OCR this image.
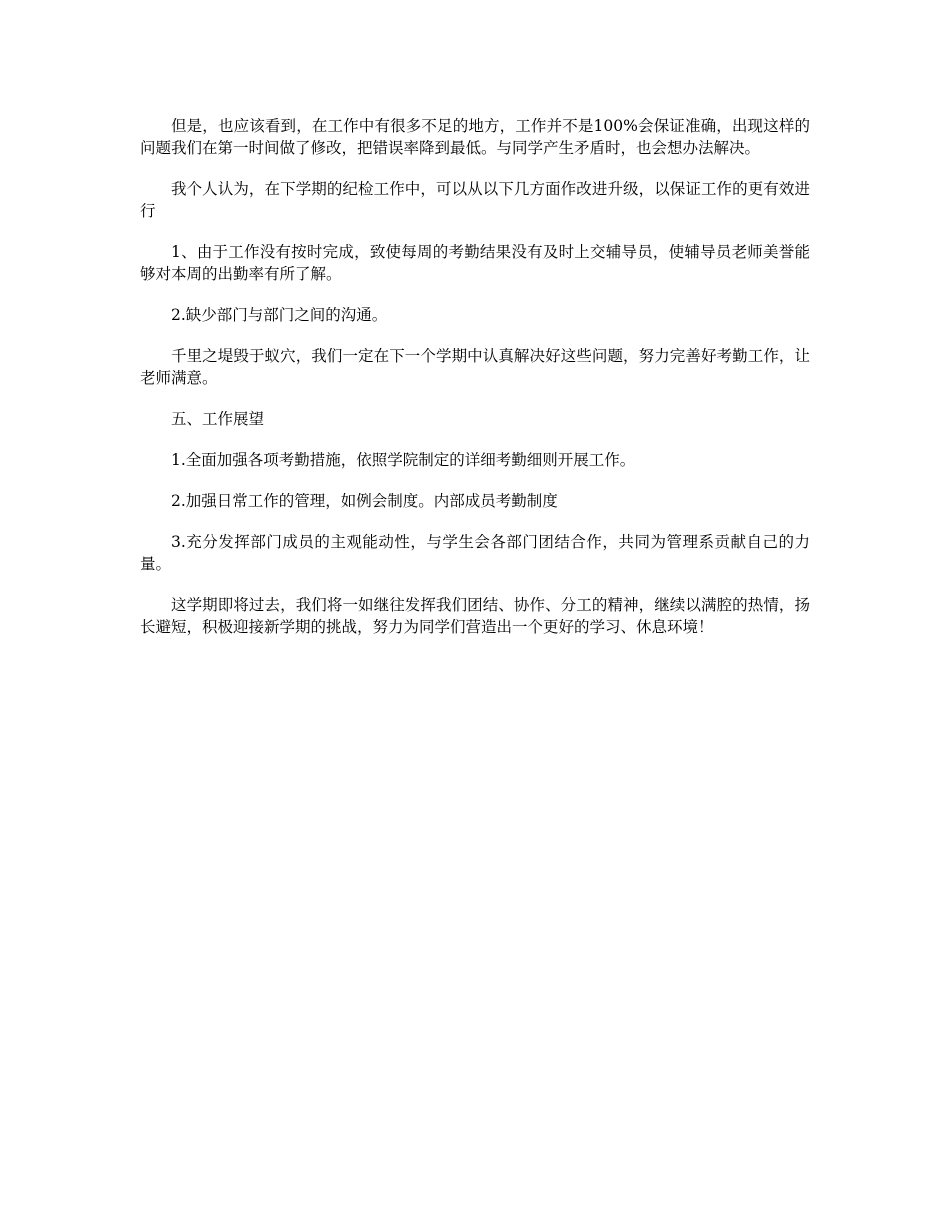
但是，也应该看到，在工作中有很多不足的地方，工作并不是100%会保证准确，出现这样的问题我们在第一时间做了修改，把错误率降到最低。与同学产生矛盾时，也会想办法解决。

我个人认为，在下学期的纪检工作中，可以从以下几方面作改进升级，以保证工作的更有效进行

1、由于工作没有按时完成，致使每周的考勤结果没有及时上交辅导员，使辅导员老师美誉能够对本周的出勤率有所了解。

2.缺少部门与部门之间的沟通。

千里之堤毁于蚁穴，我们一定在下一个学期中认真解决好这些问题，努力完善好考勤工作，让老师满意。

五、工作展望

1.全面加强各项考勤措施，依照学院制定的详细考勤细则开展工作。

2.加强日常工作的管理，如例会制度。内部成员考勤制度

3.充分发挥部门成员的主观能动性，与学生会各部门团结合作，共同为管理系贡献自己的力量。

这学期即将过去，我们将一如继往发挥我们团结、协作、分工的精神，继续以满腔的热情，扬长避短，积极迎接新学期的挑战，努力为同学们营造出一个更好的学习、休息环境！
